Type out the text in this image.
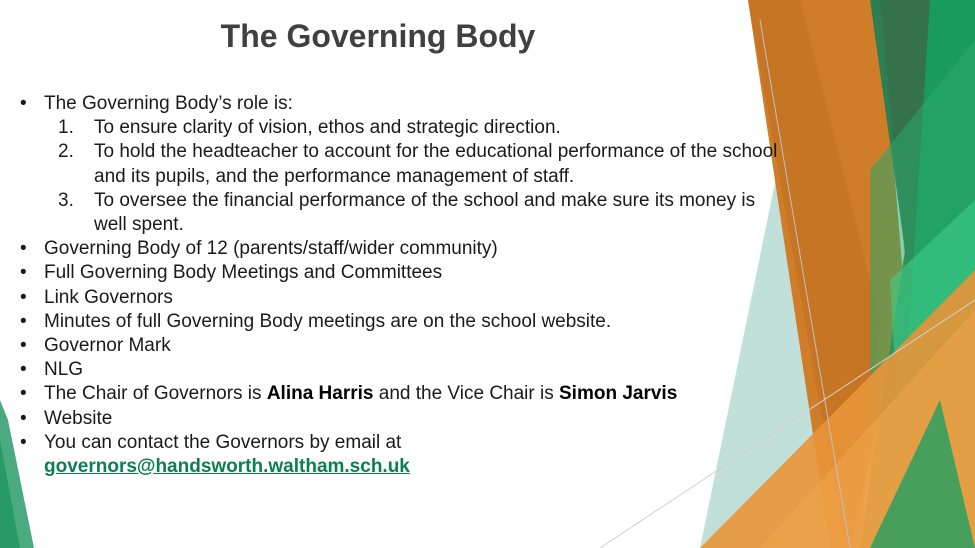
The Governing Body
• The Governing Body’s role is:
1. To ensure clarity of vision, ethos and strategic direction.
2. To hold the headteacher to account for the educational performance of the school and its pupils, and the performance management of staff.
3. To oversee the financial performance of the school and make sure its money is well spent.
• Governing Body of 12 (parents/staff/wider community)
• Full Governing Body Meetings and Committees
• Link Governors
• Minutes of full Governing Body meetings are on the school website.
• Governor Mark
• NLG
• The Chair of Governors is Alina Harris and the Vice Chair is Simon Jarvis
• Website
• You can contact the Governors by email at
governors@handsworth.waltham.sch.uk
